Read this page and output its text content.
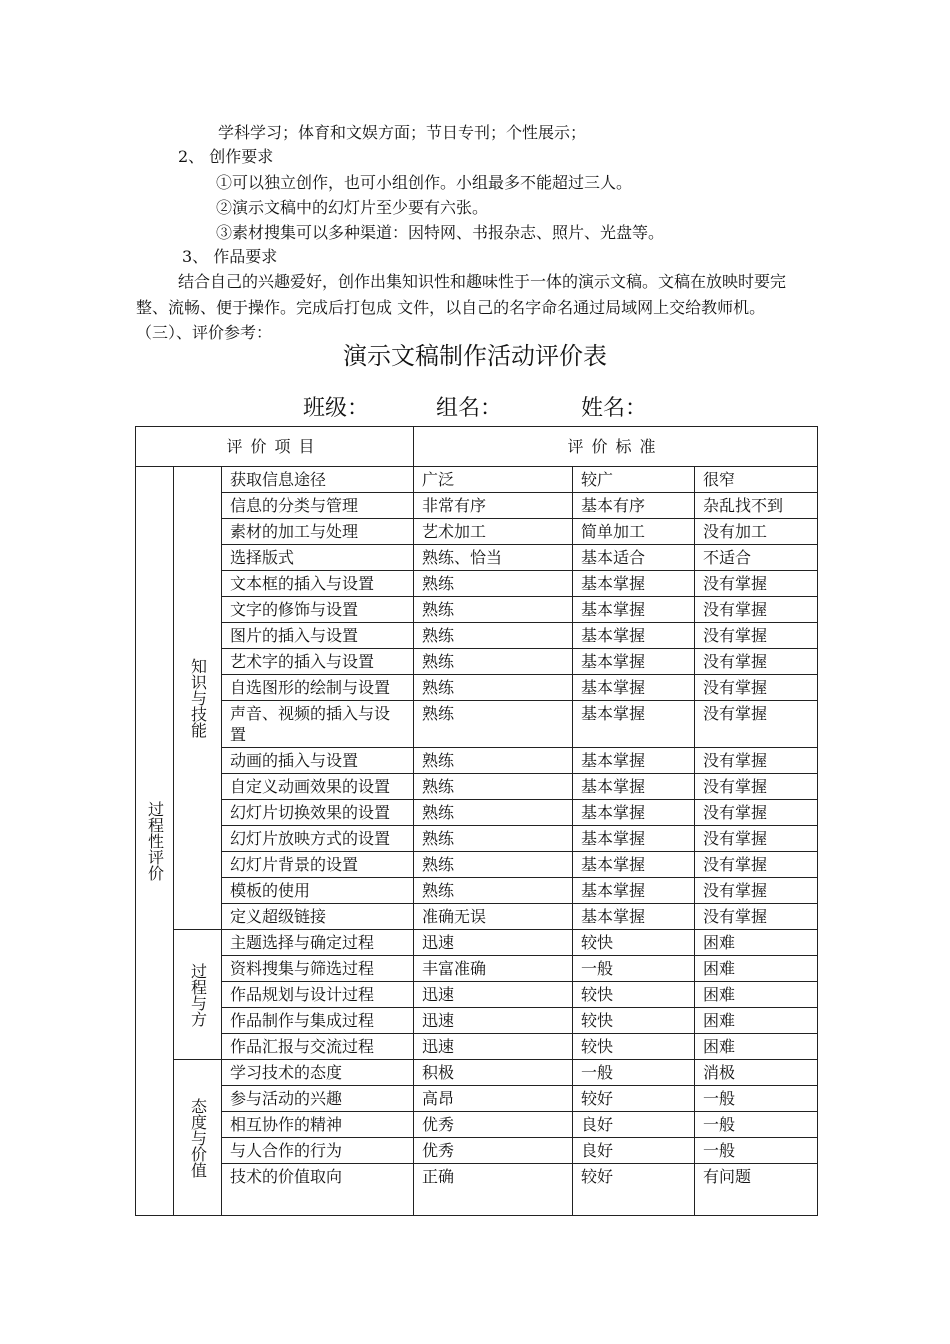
学科学习；体育和文娱方面；节日专刊；个性展示；
2、 创作要求
①可以独立创作，也可小组创作。小组最多不能超过三人。
②演示文稿中的幻灯片至少要有六张。
③素材搜集可以多种渠道：因特网、书报杂志、照片、光盘等。
3、 作品要求
结合自己的兴趣爱好，创作出集知识性和趣味性于一体的演示文稿。文稿在放映时要完
整、流畅、便于操作。完成后打包成 文件，以自己的名字命名通过局域网上交给教师机。
（三）、评价参考：
演示文稿制作活动评价表
班级：	组名：	姓名：
评价项目			评价标准		
过程性评价	知识与技能	获取信息途径	广泛	较广	很窄
		信息的分类与管理	非常有序	基本有序	杂乱找不到
		素材的加工与处理	艺术加工	简单加工	没有加工
		选择版式	熟练、恰当	基本适合	不适合
		文本框的插入与设置	熟练	基本掌握	没有掌握
		文字的修饰与设置	熟练	基本掌握	没有掌握
		图片的插入与设置	熟练	基本掌握	没有掌握
		艺术字的插入与设置	熟练	基本掌握	没有掌握
		自选图形的绘制与设置	熟练	基本掌握	没有掌握
		声音、视频的插入与设置	熟练	基本掌握	没有掌握
		动画的插入与设置	熟练	基本掌握	没有掌握
		自定义动画效果的设置	熟练	基本掌握	没有掌握
		幻灯片切换效果的设置	熟练	基本掌握	没有掌握
		幻灯片放映方式的设置	熟练	基本掌握	没有掌握
		幻灯片背景的设置	熟练	基本掌握	没有掌握
		模板的使用	熟练	基本掌握	没有掌握
		定义超级链接	准确无误	基本掌握	没有掌握
	过程与方	主题选择与确定过程	迅速	较快	困难
		资料搜集与筛选过程	丰富准确	一般	困难
		作品规划与设计过程	迅速	较快	困难
		作品制作与集成过程	迅速	较快	困难
		作品汇报与交流过程	迅速	较快	困难
	态度与价值	学习技术的态度	积极	一般	消极
		参与活动的兴趣	高昂	较好	一般
		相互协作的精神	优秀	良好	一般
		与人合作的行为	优秀	良好	一般
		技术的价值取向	正确	较好	有问题
